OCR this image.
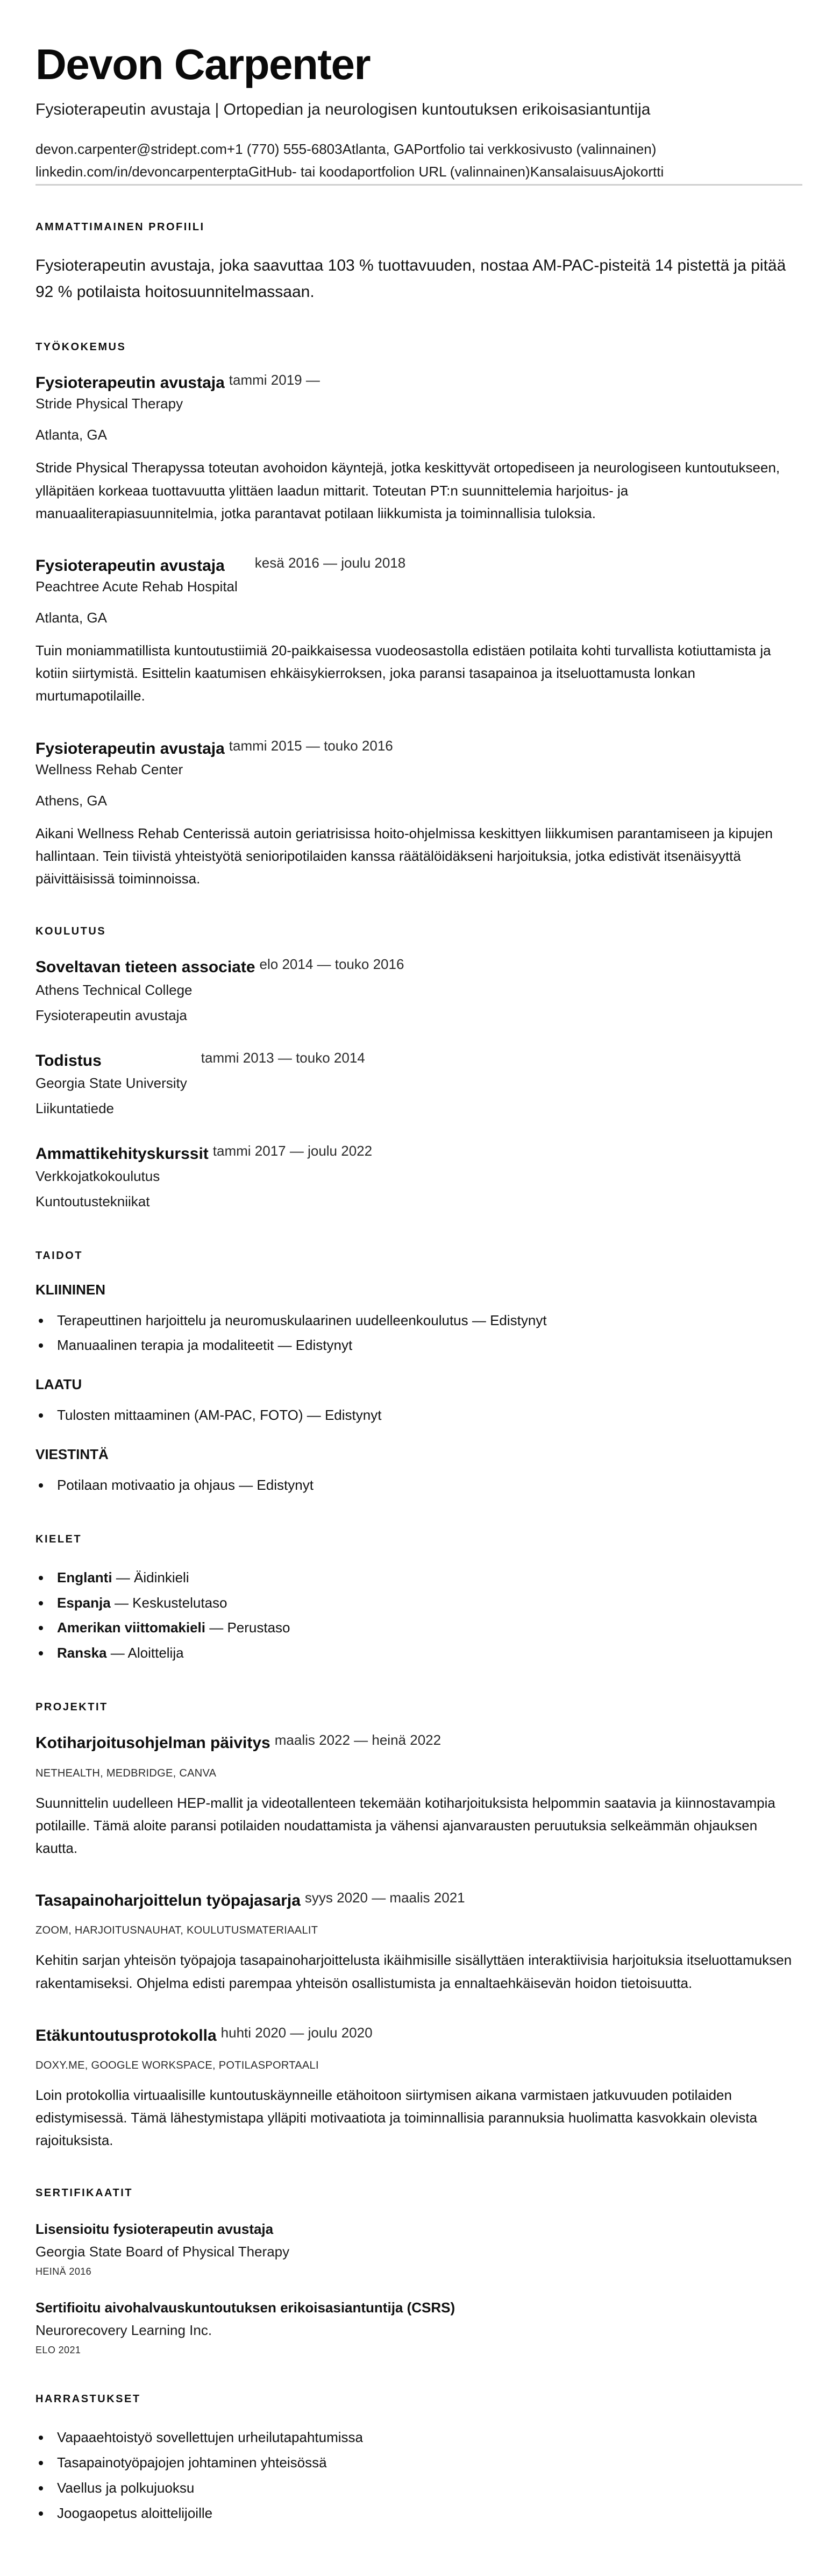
Devon Carpenter
Fysioterapeutin avustaja | Ortopedian ja neurologisen kuntoutuksen erikoisasiantuntija
devon.carpenter@stridept.com+1 (770) 555-6803Atlanta, GAPortfolio tai verkkosivusto (valinnainen)
linkedin.com/in/devoncarpenterptaGitHub- tai koodaportfolion URL (valinnainen)KansalaisuusAjokortti
AMMATTIMAINEN PROFIILI

Fysioterapeutin avustaja, joka saavuttaa 103 % tuottavuuden, nostaa AM-PAC-pisteitä 14 pistettä ja pitää 92 % potilaista hoitosuunnitelmassaan.

TYÖKOKEMUS
Fysioterapeutin avustaja tammi 2019 —
Stride Physical Therapy
Atlanta, GA

Stride Physical Therapyssa toteutan avohoidon käyntejä, jotka keskittyvät ortopediseen ja neurologiseen kuntoutukseen, ylläpitäen korkeaa tuottavuutta ylittäen laadun mittarit. Toteutan PT:n suunnittelemia harjoitus- ja manuaaliterapiasuunnitelmia, jotka parantavat potilaan liikkumista ja toiminnallisia tuloksia.

Fysioterapeutin avustaja kesä 2016 — joulu 2018
Peachtree Acute Rehab Hospital
Atlanta, GA

Tuin moniammatillista kuntoutustiimiä 20-paikkaisessa vuodeosastolla edistäen potilaita kohti turvallista kotiuttamista ja kotiin siirtymistä. Esittelin kaatumisen ehkäisykierroksen, joka paransi tasapainoa ja itseluottamusta lonkan murtumapotilaille.

Fysioterapeutin avustaja tammi 2015 — touko 2016
Wellness Rehab Center
Athens, GA

Aikani Wellness Rehab Centerissä autoin geriatrisissa hoito-ohjelmissa keskittyen liikkumisen parantamiseen ja kipujen hallintaan. Tein tiivistä yhteistyötä senioripotilaiden kanssa räätälöidäkseni harjoituksia, jotka edistivät itsenäisyyttä päivittäisissä toiminnoissa.

KOULUTUS
Soveltavan tieteen associate elo 2014 — touko 2016
Athens Technical College
Fysioterapeutin avustaja
Todistus	tammi 2013 — touko 2014
Georgia State University
Liikuntatiede
Ammattikehityskurssit tammi 2017 — joulu 2022
Verkkojatkokoulutus
Kuntoutustekniikat
TAIDOT
KLIININEN
Terapeuttinen harjoittelu ja neuromuskulaarinen uudelleenkoulutus — Edistynyt
Manuaalinen terapia ja modaliteetit — Edistynyt
LAATU
Tulosten mittaaminen (AM-PAC, FOTO) — Edistynyt
VIESTINTÄ
Potilaan motivaatio ja ohjaus — Edistynyt
KIELET
Englanti — Äidinkieli
Espanja — Keskustelutaso
Amerikan viittomakieli — Perustaso
Ranska — Aloittelija
PROJEKTIT
Kotiharjoitusohjelman päivitys maalis 2022 — heinä 2022
NETHEALTH, MEDBRIDGE, CANVA

Suunnittelin uudelleen HEP-mallit ja videotallenteen tekemään kotiharjoituksista helpommin saatavia ja kiinnostavampia potilaille. Tämä aloite paransi potilaiden noudattamista ja vähensi ajanvarausten peruutuksia selkeämmän ohjauksen kautta.

Tasapainoharjoittelun työpajasarja syys 2020 — maalis 2021
ZOOM, HARJOITUSNAUHAT, KOULUTUSMATERIAALIT

Kehitin sarjan yhteisön työpajoja tasapainoharjoittelusta ikäihmisille sisällyttäen interaktiivisia harjoituksia itseluottamuksen rakentamiseksi. Ohjelma edisti parempaa yhteisön osallistumista ja ennaltaehkäisevän hoidon tietoisuutta.

Etäkuntoutusprotokolla huhti 2020 — joulu 2020
DOXY.ME, GOOGLE WORKSPACE, POTILASPORTAALI

Loin protokollia virtuaalisille kuntoutuskäynneille etähoitoon siirtymisen aikana varmistaen jatkuvuuden potilaiden edistymisessä. Tämä lähestymistapa ylläpiti motivaatiota ja toiminnallisia parannuksia huolimatta kasvokkain olevista rajoituksista.

SERTIFIKAATIT
Lisensioitu fysioterapeutin avustaja
Georgia State Board of Physical Therapy
HEINÄ 2016
Sertifioitu aivohalvauskuntoutuksen erikoisasiantuntija (CSRS)
Neurorecovery Learning Inc.
ELO 2021
HARRASTUKSET
Vapaaehtoistyö sovellettujen urheilutapahtumissa
Tasapainotyöpajojen johtaminen yhteisössä
Vaellus ja polkujuoksu
Joogaopetus aloittelijoille
